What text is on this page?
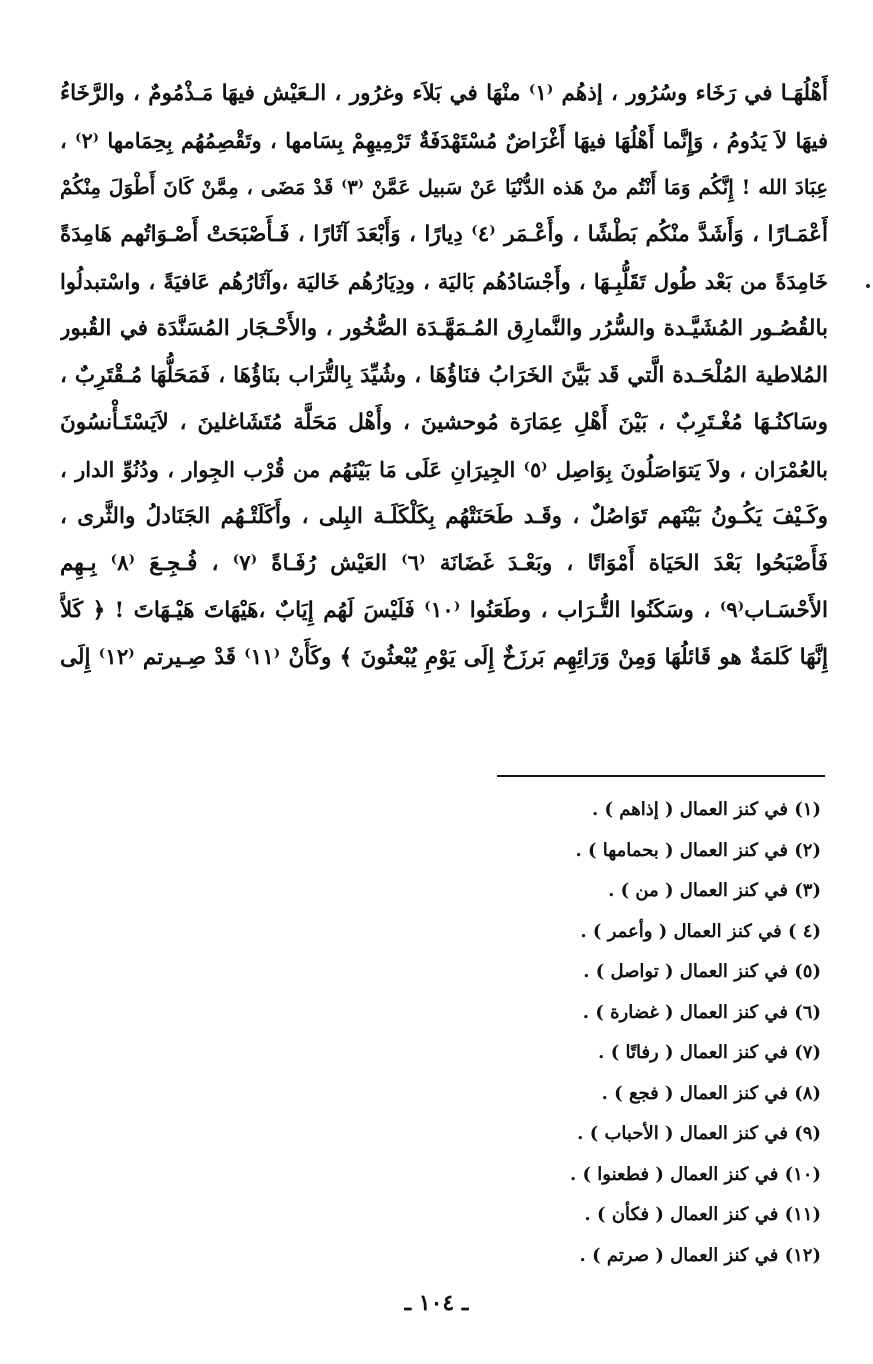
أَهْلُهَـا في رَخَاء وسُرُور ، إذهُم ⁽١⁾ منْهَا في بَلاَء وغرُور ، الـعَيْش فيهَا مَـذْمُومٌ ، والرَّخَاءُ
فيهَا لاَ يَدُومُ ، وَإِنَّما أَهْلُهَا فيهَا أَغْرَاضٌ مُسْتَهْدَفَةٌ تَرْمِيهِمْ بِسَامها ، وتَقْصِمُهُم بِحِمَامها ⁽٢⁾ ،
عِبَادَ الله ! إِنَّكُم وَمَا أَنْتُم منْ هَذه الدُّنْيَا عَنْ سَبيل عَمَّنْ ⁽٣⁾ قَدْ مَضَى ، مِمَّنْ كَانَ أَطْوَلَ مِنْكُمْ
أَعْمَـارًا ، وَأَشَدَّ منْكُم بَطْشًا ، وأَعْـمَر ⁽٤⁾ دِيارًا ، وَأَبْعَدَ آثَارًا ، فَـأَصْبَحَتْ أَصْـوَاتُهم هَامِدَةً
خَامِدَةً من بَعْد طُول تَقَلُّبِـهَا ، وأَجْسَادُهُم بَاليَة ، ودِيَارُهُم خَاليَة ،وآثَارُهُم عَافيَةً ، واسْتبدلُوا
بالقُصُـور المُشَيَّـدة والسُّرُر والنَّمارِق المُـمَهَّـدَة الصُّخُور ، والأَحْـجَار المُسَنَّدَة في القُبور
المُلاطية المُلْحَـدة الَّتي قَد بَيَّنَ الخَرَابُ فنَاؤُهَا ، وشُيِّدَ بِالتُّرَاب بنَاؤُهَا ، فَمَحَلُّهَا مُـقْتَرِبٌ ،
وسَاكنُـهَا مُغْـتَرِبٌ ، بَيْنَ أَهْلِ عِمَارَة مُوحشينَ ، وأَهْل مَحَلَّة مُتَشَاغلينَ ، لاَيَسْتَـأْنسُونَ
بالعُمْرَان ، ولاَ يَتوَاصَلُونَ بِوَاصِل ⁽٥⁾ الجِيرَانِ عَلَى مَا بَيْنَهُم من قُرْب الجِوار ، ودُنُوِّ الدار ،
وكَـيْفَ يَكُـونُ بَيْنَهم تَوَاصُلٌ ، وقَـد طَحَنَتْهُم بِكَلْكَلَـة البِلى ، وأَكَلَتْـهُم الجَنَادلُ والثَّرى ،
فَأَصْبَحُوا بَعْدَ الحَيَاة أَمْوَاتًا ، وبَعْـدَ غَضَانَة ⁽٦⁾ العَيْش رُفَـاةً ⁽٧⁾ ، فُـجِـعَ ⁽٨⁾ بِـهِم
الأَحْسَـاب⁽٩⁾ ، وسَكَنُوا التُّـرَاب ، وطَعَنُوا ⁽١٠⁾ فَلَيْسَ لَهُم إِيَابٌ ،هَيْهَاتَ هَيْـهَاتَ ! ﴿ كَلاَّ
إِنَّهَا كَلمَةٌ هو قَائلُهَا وَمِنْ وَرَائِهِم بَرزَخٌ إِلَى يَوْمِ يُبْعثُونَ ﴾ وكَأَنْ ⁽١١⁾ قَدْ صِـيرتم ⁽١٢⁾ إِلَى
(١) في كنز العمال ( إذاهم ) .
(٢) في كنز العمال ( بحمامها ) .
(٣) في كنز العمال ( من ) .
(٤ ) في كنز العمال ( وأعمر ) .
(٥) في كنز العمال ( تواصل ) .
(٦) في كنز العمال ( غضارة ) .
(٧) في كنز العمال ( رفاتًا ) .
(٨) في كنز العمال ( فجع ) .
(٩) في كنز العمال ( الأحباب ) .
(١٠) في كنز العمال ( فطعنوا ) .
(١١) في كنز العمال ( فكأن ) .
(١٢) في كنز العمال ( صرتم ) .
ـ ١٠٤ ـ
